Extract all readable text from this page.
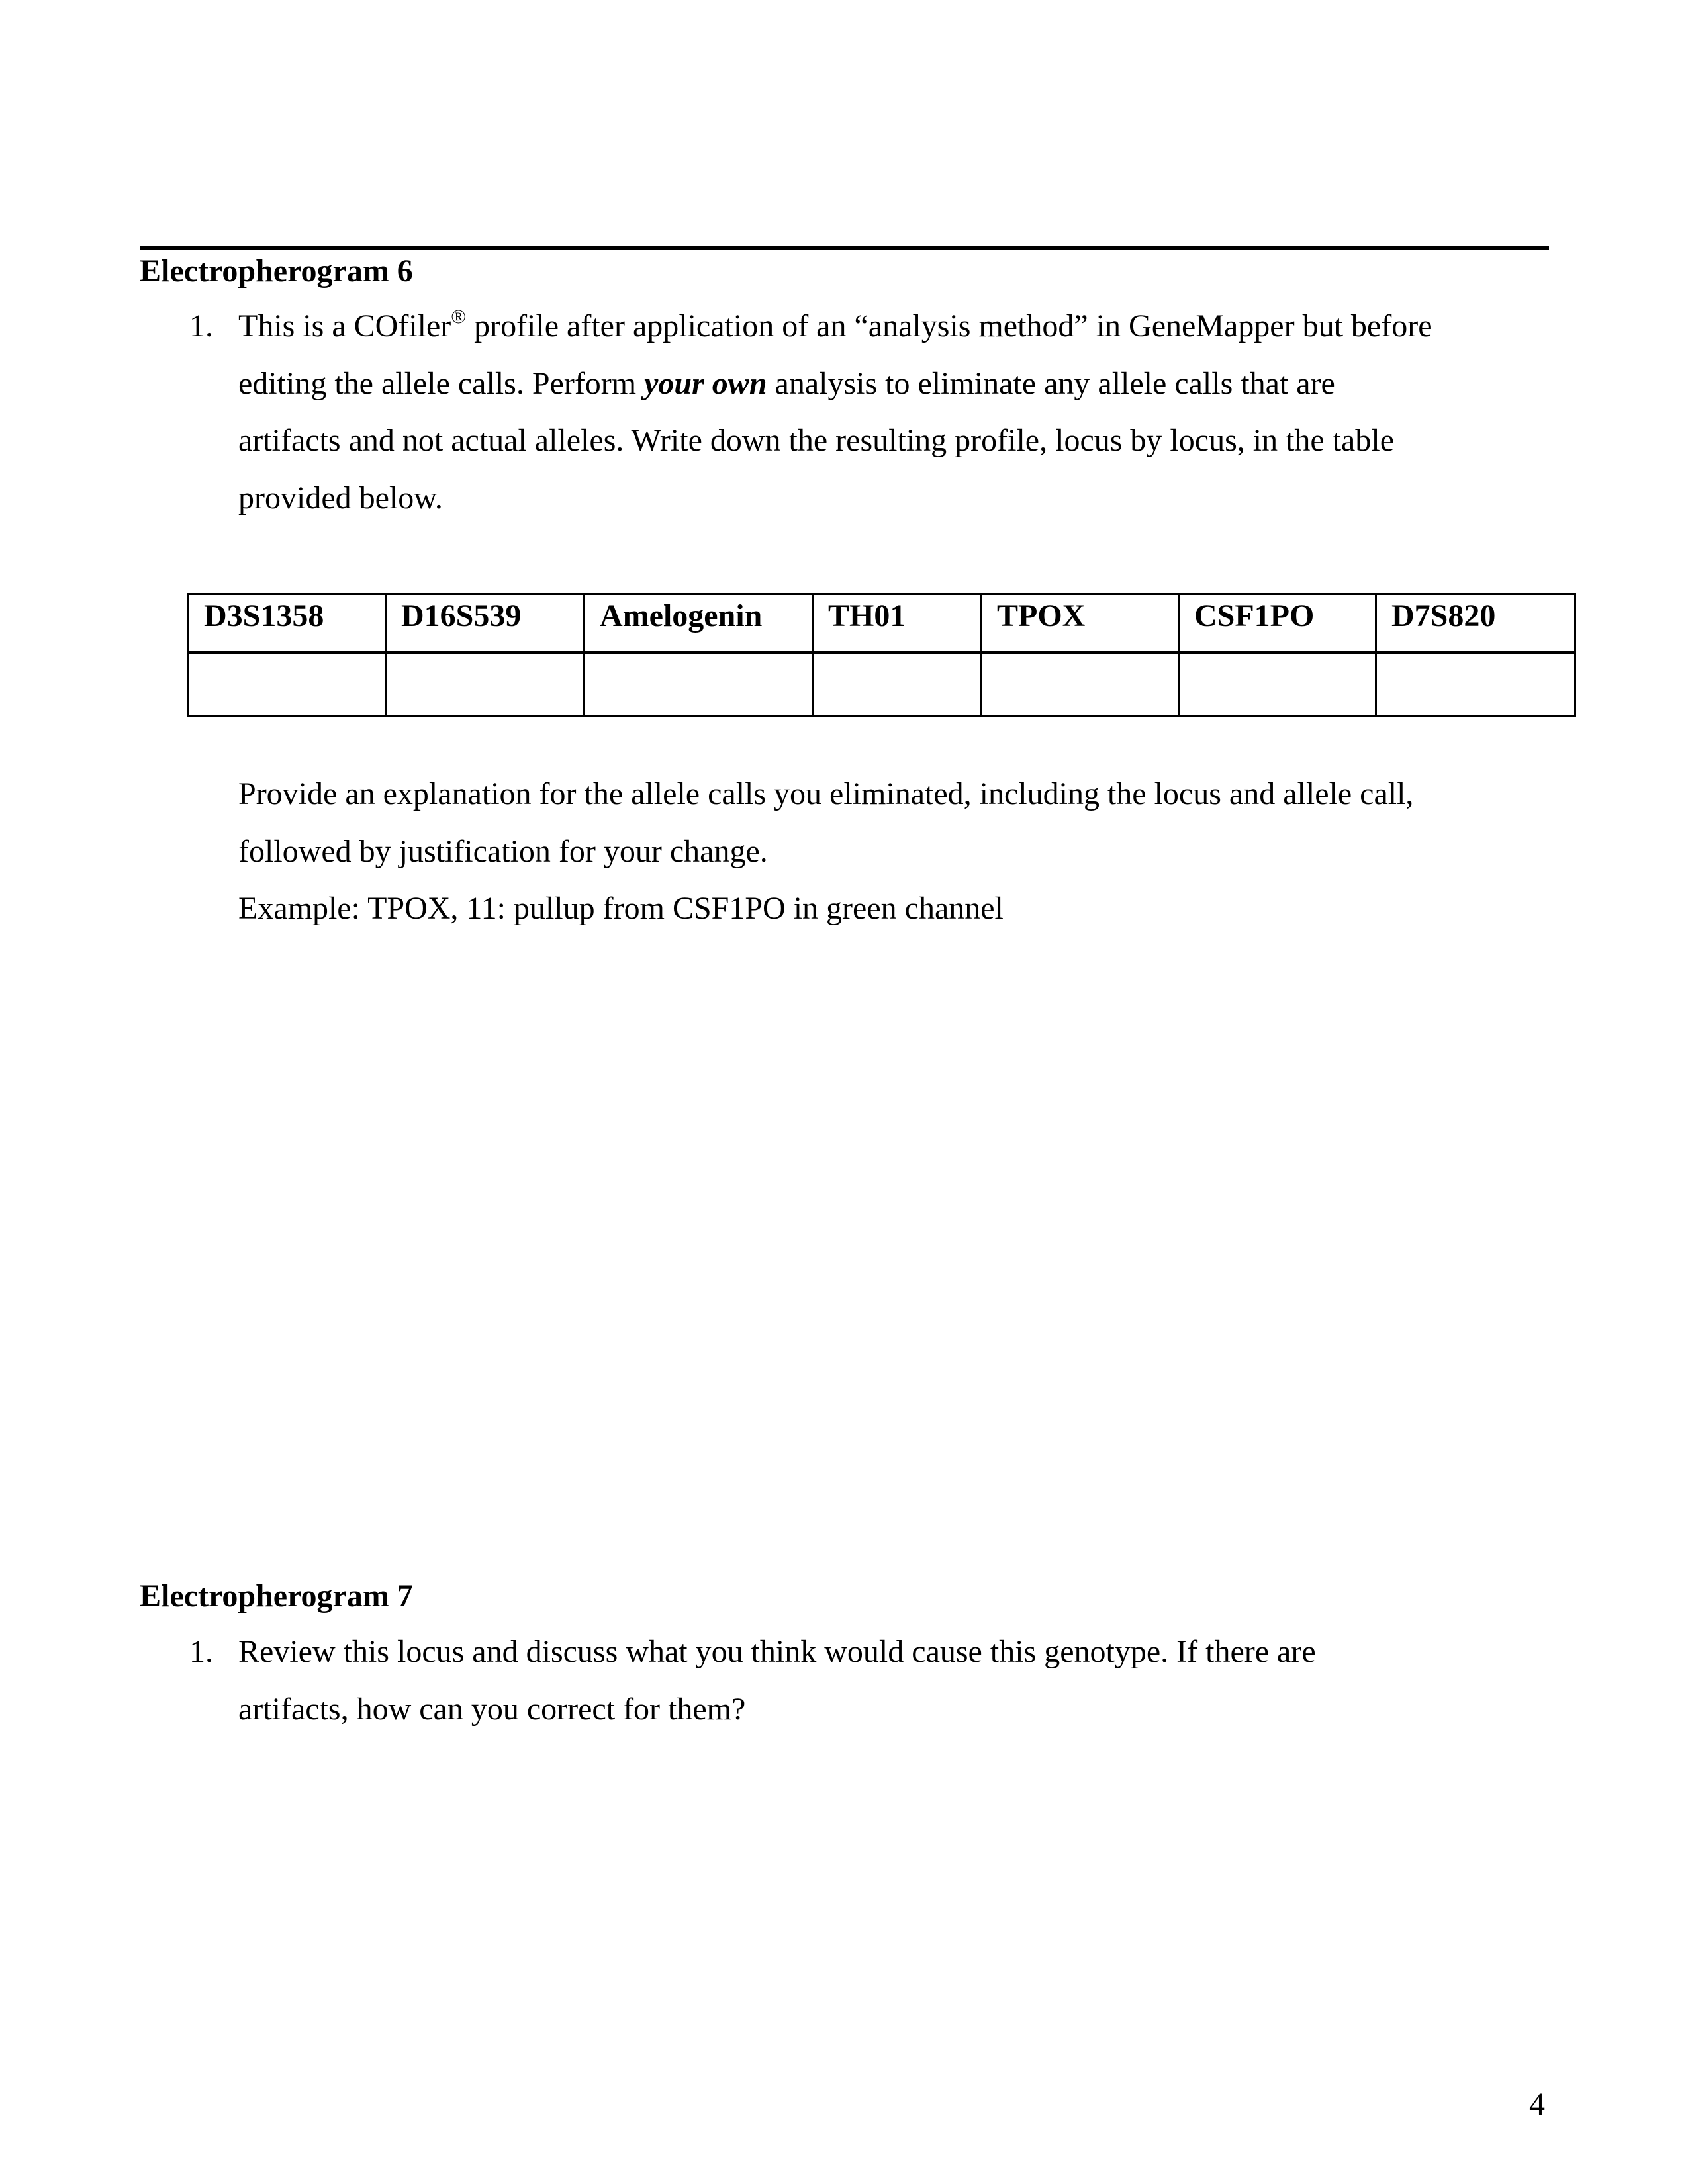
Electropherogram 6
1. This is a COfiler® profile after application of an “analysis method” in GeneMapper but before
editing the allele calls. Perform your own analysis to eliminate any allele calls that are
artifacts and not actual alleles. Write down the resulting profile, locus by locus, in the table
provided below.
D3S1358	D16S539	Amelogenin	TH01	TPOX	CSF1PO	D7S820

Provide an explanation for the allele calls you eliminated, including the locus and allele call,
followed by justification for your change.
Example: TPOX, 11: pullup from CSF1PO in green channel
Electropherogram 7
1. Review this locus and discuss what you think would cause this genotype. If there are
artifacts, how can you correct for them?
4
